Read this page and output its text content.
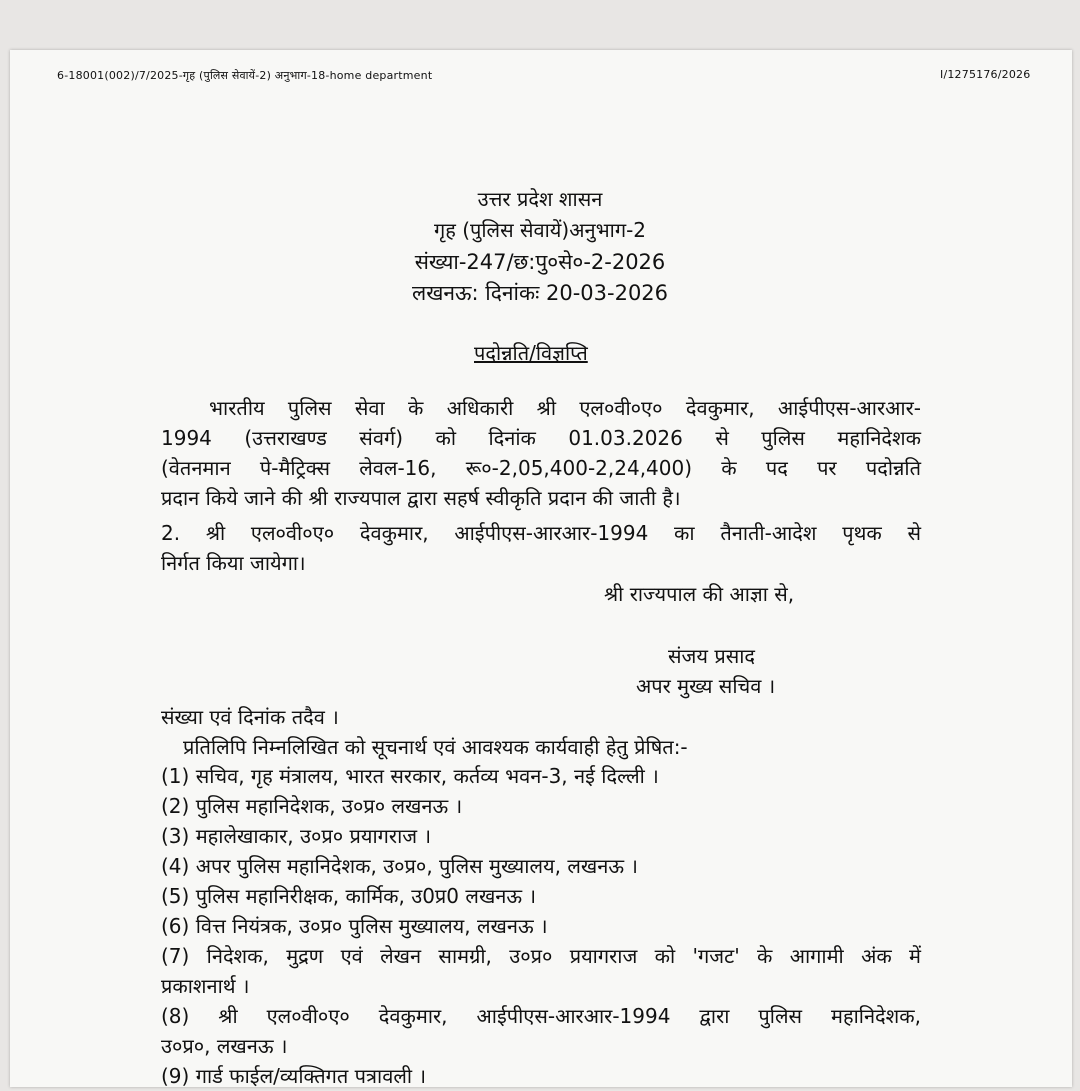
6-18001(002)/7/2025-गृह (पुलिस सेवायें-2) अनुभाग-18-home department	I/1275176/2026
उत्तर प्रदेश शासन
गृह (पुलिस सेवायें)अनुभाग-2
संख्या-247/छ:पु०से०-2-2026
लखनऊ: दिनांकः 20-03-2026
पदोन्नति/विज्ञप्ति
भारतीय पुलिस सेवा के अधिकारी श्री एल०वी०ए० देवकुमार, आईपीएस-आरआर-
1994 (उत्तराखण्ड संवर्ग) को दिनांक 01.03.2026 से पुलिस महानिदेशक
(वेतनमान पे-मैट्रिक्स लेवल-16, रू०-2,05,400-2,24,400) के पद पर पदोन्नति
प्रदान किये जाने की श्री राज्यपाल द्वारा सहर्ष स्वीकृति प्रदान की जाती है।
2. श्री एल०वी०ए० देवकुमार, आईपीएस-आरआर-1994 का तैनाती-आदेश पृथक से
निर्गत किया जायेगा।
श्री राज्यपाल की आज्ञा से,
संजय प्रसाद
अपर मुख्य सचिव ।
संख्या एवं दिनांक तदैव ।
प्रतिलिपि निम्नलिखित को सूचनार्थ एवं आवश्यक कार्यवाही हेतु प्रेषित:-
(1) सचिव, गृह मंत्रालय, भारत सरकार, कर्तव्य भवन-3, नई दिल्ली ।
(2) पुलिस महानिदेशक, उ०प्र० लखनऊ ।
(3) महालेखाकार, उ०प्र० प्रयागराज ।
(4) अपर पुलिस महानिदेशक, उ०प्र०, पुलिस मुख्यालय, लखनऊ ।
(5) पुलिस महानिरीक्षक, कार्मिक, उ0प्र0 लखनऊ ।
(6) वित्त नियंत्रक, उ०प्र० पुलिस मुख्यालय, लखनऊ ।
(7) निदेशक, मुद्रण एवं लेखन सामग्री, उ०प्र० प्रयागराज को 'गजट' के आगामी अंक में
प्रकाशनार्थ ।
(8) श्री एल०वी०ए० देवकुमार, आईपीएस-आरआर-1994 द्वारा पुलिस महानिदेशक,
उ०प्र०, लखनऊ ।
(9) गार्ड फाईल/व्यक्तिगत पत्रावली ।
